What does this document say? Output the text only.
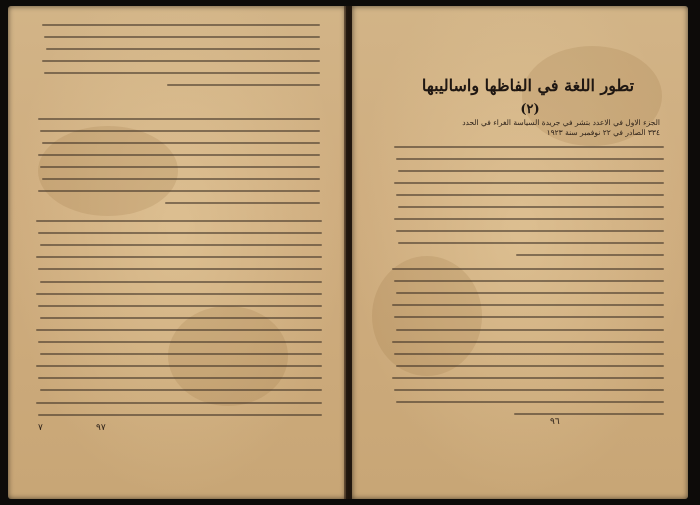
٧	٩٧
تطور اللغة في الفاظها واساليبها
(٢)
الجزء الاول في الاعدد بتشر في جريدة السياسة الغراء في الحدد ٣٣٤ الصادر في ٢٢ نوفمبر سنة ١٩٢٣
٩٦
